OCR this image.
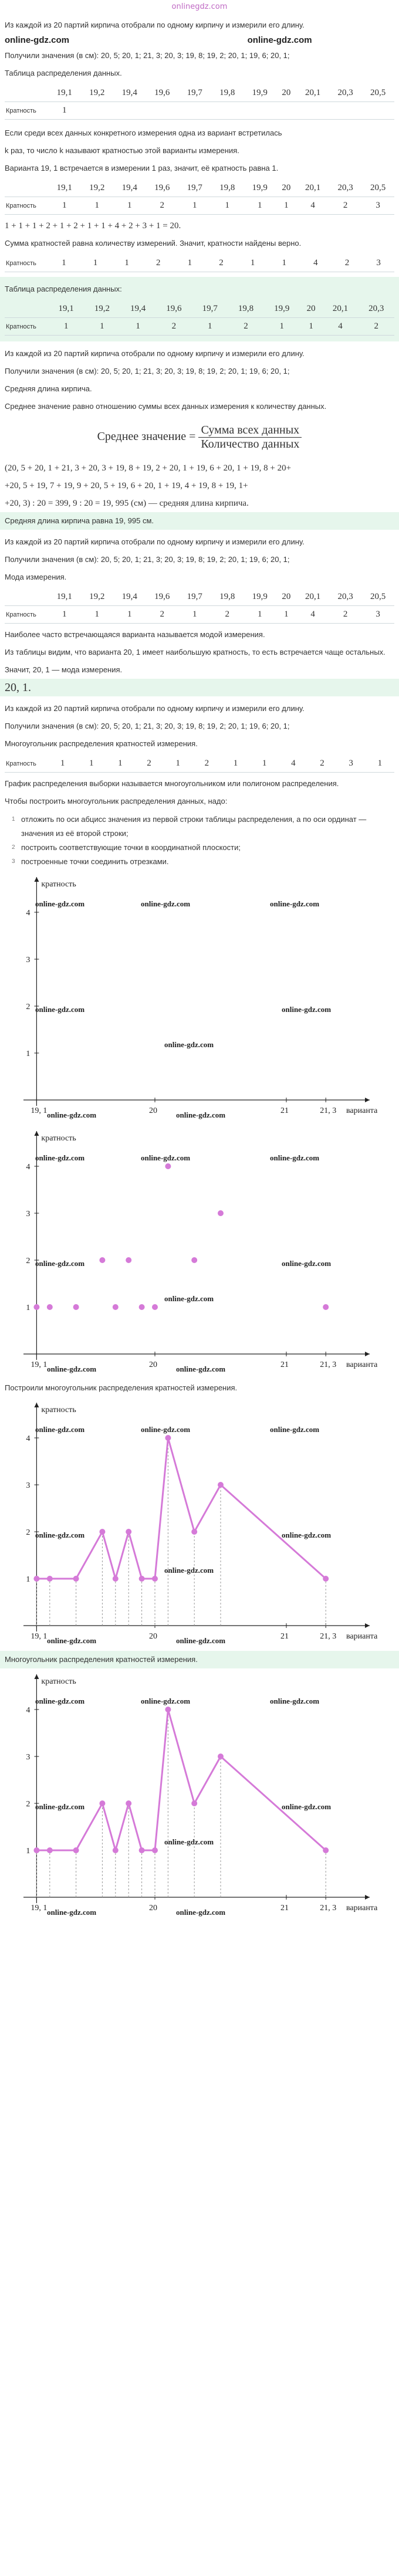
onlinegdz.com
Из каждой из 20 партий кирпича отобрали по одному кирпичу и измерили его длину.
online-gdz.com	online-gdz.com
Получили значения (в см): 20, 5; 20, 1; 21, 3; 20, 3; 19, 8; 19, 2; 20, 1; 19, 6; 20, 1;
Таблица распределения данных.
	19,1	19,2	19,4	19,6	19,7	19,8	19,9	20	20,1	20,3	20,5
Кратность	1										
Если среди всех данных конкретного измерения одна из вариант встретилась
k раз, то число k называют кратностью этой варианты измерения.
Варианта 19, 1 встречается в измерении 1 раз, значит, её кратность равна 1.
	19,1	19,2	19,4	19,6	19,7	19,8	19,9	20	20,1	20,3	20,5
Кратность	1	1	1	2	1	1	1	1	4	2	3
1 + 1 + 1 + 2 + 1 + 2 + 1 + 1 + 4 + 2 + 3 + 1 = 20.
Сумма кратностей равна количеству измерений. Значит, кратности найдены верно.
Кратность	1	1	1	2	1	2	1	1	4	2	3
Таблица распределения данных:
	19,1	19,2	19,4	19,6	19,7	19,8	19,9	20	20,1	20,3
Кратность	1	1	1	2	1	2	1	1	4	2
Из каждой из 20 партий кирпича отобрали по одному кирпичу и измерили его длину.
Получили значения (в см): 20, 5; 20, 1; 21, 3; 20, 3; 19, 8; 19, 2; 20, 1; 19, 6; 20, 1;
Средняя длина кирпича.
Среднее значение равно отношению суммы всех данных измерения к количеству данных.
Среднее значение = $\frac{\text{Сумма всех данных}}{\text{Количество данных}}$
(20, 5 + 20, 1 + 21, 3 + 20, 3 + 19, 8 + 19, 2 + 20, 1 + 19, 6 + 20, 1 + 19, 8 + 20+
+20, 5 + 19, 7 + 19, 9 + 20, 5 + 19, 6 + 20, 1 + 19, 4 + 19, 8 + 19, 1+
+20, 3) : 20 = 399, 9 : 20 = 19, 995 (см) — средняя длина кирпича.
Средняя длина кирпича равна 19, 995 см.
Из каждой из 20 партий кирпича отобрали по одному кирпичу и измерили его длину.
Получили значения (в см): 20, 5; 20, 1; 21, 3; 20, 3; 19, 8; 19, 2; 20, 1; 19, 6; 20, 1;
Мода измерения.
	19,1	19,2	19,4	19,6	19,7	19,8	19,9	20	20,1	20,3	20,5
Кратность	1	1	1	2	1	2	1	1	4	2	3
Наиболее часто встречающаяся варианта называется модой измерения.
Из таблицы видим, что варианта 20, 1 имеет наибольшую кратность, то есть встречается чаще остальных.
Значит, 20, 1 — мода измерения.
20, 1.
Из каждой из 20 партий кирпича отобрали по одному кирпичу и измерили его длину.
Получили значения (в см): 20, 5; 20, 1; 21, 3; 20, 3; 19, 8; 19, 2; 20, 1; 19, 6; 20, 1;
Многоугольник распределения кратностей измерения.
Кратность	1	1	1	2	1	2	1	1	4	2	3	1
График распределения выборки называется многоугольником или полигоном распределения.
Чтобы построить многоугольник распределения данных, надо:
1 отложить по оси абцисс значения из первой строки таблицы распределения, а по оси ординат — значения из её второй строки;
2 построить соответствующие точки в координатной плоскости;
3 построенные точки соединить отрезками.
1
2
3
4
19, 1	20	21	21, 3
кратность
варианта
online-gdz.com	online-gdz.com	online-gdz.com
online-gdz.com
online-gdz.com
online-gdz.com
online-gdz.com	online-gdz.com
1
2
3
4
19, 1	20	21	21, 3
кратность
варианта
online-gdz.com	online-gdz.com	online-gdz.com
online-gdz.com
online-gdz.com
online-gdz.com
online-gdz.com	online-gdz.com
Построили многоугольник распределения кратностей измерения.
1
2
3
4
19, 1	20	21	21, 3
кратность
варианта
online-gdz.com	online-gdz.com	online-gdz.com
online-gdz.com
online-gdz.com
online-gdz.com
online-gdz.com	online-gdz.com
Многоугольник распределения кратностей измерения.
1
2
3
4
19, 1	20	21	21, 3
кратность
варианта
online-gdz.com	online-gdz.com	online-gdz.com
online-gdz.com
online-gdz.com
online-gdz.com
online-gdz.com	online-gdz.com
